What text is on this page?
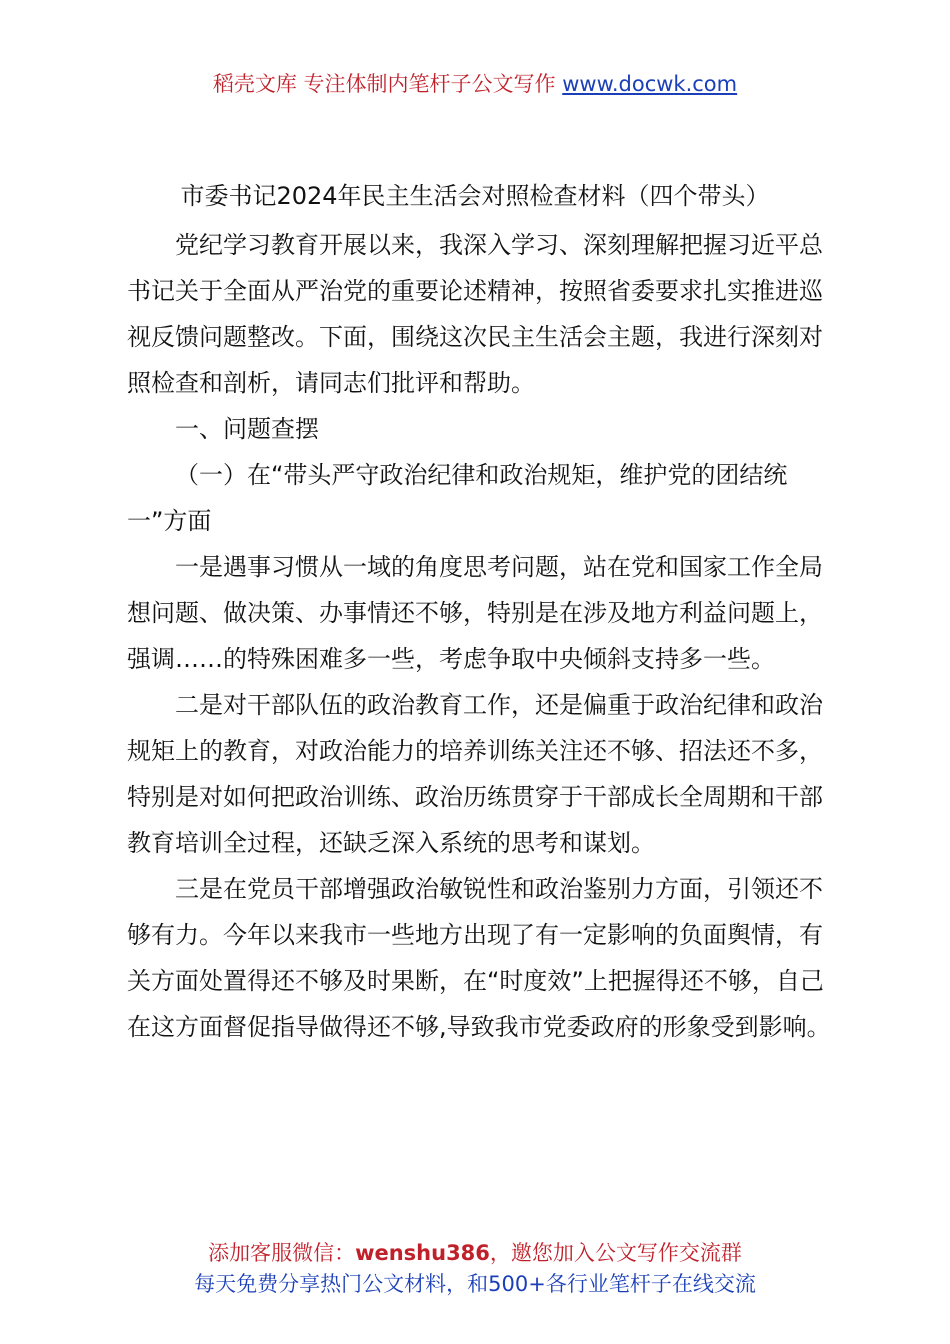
稻壳文库 专注体制内笔杆子公文写作 www.docwk.com
市委书记2024年民主生活会对照检查材料（四个带头）

党纪学习教育开展以来，我深入学习、深刻理解把握习近平总书记关于全面从严治党的重要论述精神，按照省委要求扎实推进巡视反馈问题整改。下面，围绕这次民主生活会主题，我进行深刻对照检查和剖析，请同志们批评和帮助。

一、问题查摆

（一）在“带头严守政治纪律和政治规矩，维护党的团结统一”方面

一是遇事习惯从一域的角度思考问题，站在党和国家工作全局想问题、做决策、办事情还不够，特别是在涉及地方利益问题上，强调……的特殊困难多一些，考虑争取中央倾斜支持多一些。

二是对干部队伍的政治教育工作，还是偏重于政治纪律和政治规矩上的教育，对政治能力的培养训练关注还不够、招法还不多，特别是对如何把政治训练、政治历练贯穿于干部成长全周期和干部教育培训全过程，还缺乏深入系统的思考和谋划。

三是在党员干部增强政治敏锐性和政治鉴别力方面，引领还不够有力。今年以来我市一些地方出现了有一定影响的负面舆情，有关方面处置得还不够及时果断，在“时度效”上把握得还不够，自己在这方面督促指导做得还不够,导致我市党委政府的形象受到影响。

添加客服微信：wenshu386，邀您加入公文写作交流群
每天免费分享热门公文材料，和500+各行业笔杆子在线交流
